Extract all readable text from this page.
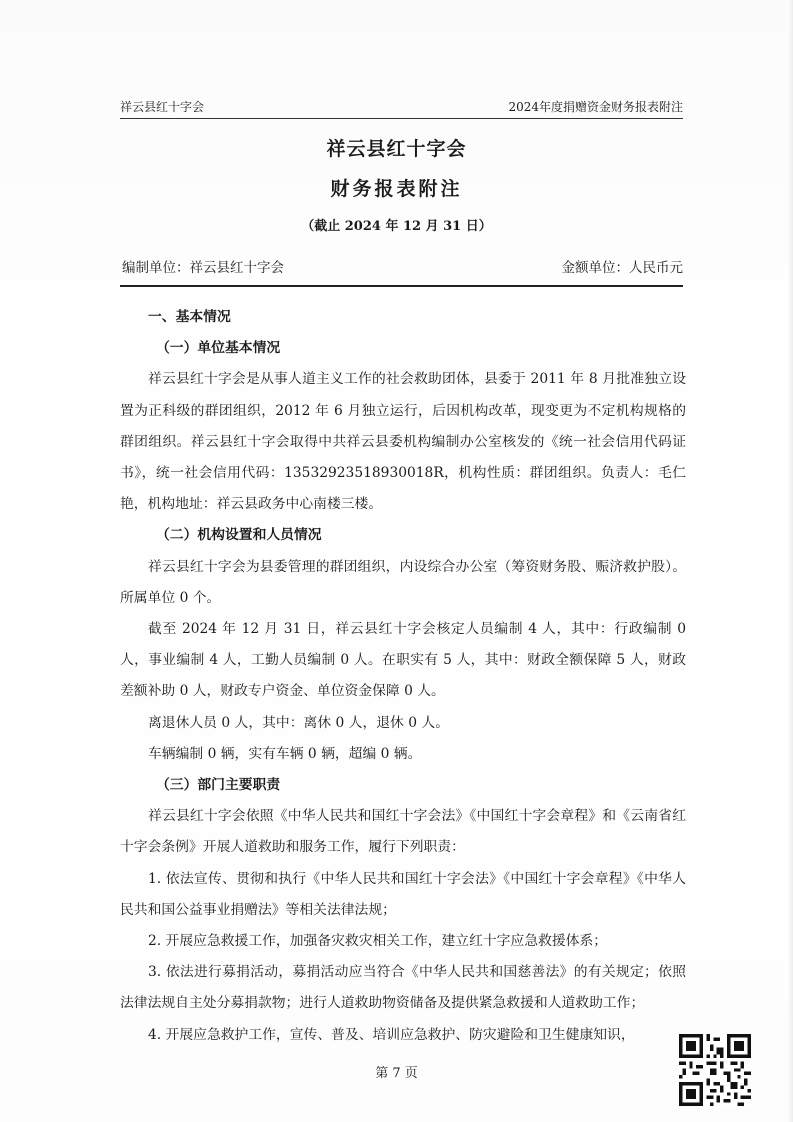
祥云县红十字会	2024年度捐赠资金财务报表附注
祥云县红十字会
财务报表附注
（截止 2024 年 12 月 31 日）
编制单位：祥云县红十字会	金额单位：人民币元

一、基本情况

（一）单位基本情况

祥云县红十字会是从事人道主义工作的社会救助团体，县委于 2011 年 8 月批准独立设置为正科级的群团组织，2012 年 6 月独立运行，后因机构改革，现变更为不定机构规格的群团组织。祥云县红十字会取得中共祥云县委机构编制办公室核发的《统一社会信用代码证书》，统一社会信用代码：13532923518930018R，机构性质：群团组织。负责人：毛仁艳，机构地址：祥云县政务中心南楼三楼。

（二）机构设置和人员情况

祥云县红十字会为县委管理的群团组织，内设综合办公室（筹资财务股、赈济救护股）。所属单位 0 个。

截至 2024 年 12 月 31 日，祥云县红十字会核定人员编制 4 人，其中：行政编制 0 人，事业编制 4 人，工勤人员编制 0 人。在职实有 5 人，其中：财政全额保障 5 人，财政差额补助 0 人，财政专户资金、单位资金保障 0 人。

离退休人员 0 人，其中：离休 0 人，退休 0 人。

车辆编制 0 辆，实有车辆 0 辆，超编 0 辆。

（三）部门主要职责

祥云县红十字会依照《中华人民共和国红十字会法》《中国红十字会章程》和《云南省红十字会条例》开展人道救助和服务工作，履行下列职责：

1. 依法宣传、贯彻和执行《中华人民共和国红十字会法》《中国红十字会章程》《中华人民共和国公益事业捐赠法》等相关法律法规；

2. 开展应急救援工作，加强备灾救灾相关工作，建立红十字应急救援体系；

3. 依法进行募捐活动，募捐活动应当符合《中华人民共和国慈善法》的有关规定；依照法律法规自主处分募捐款物；进行人道救助物资储备及提供紧急救援和人道救助工作；

4. 开展应急救护工作，宣传、普及、培训应急救护、防灾避险和卫生健康知识，

第 7 页
